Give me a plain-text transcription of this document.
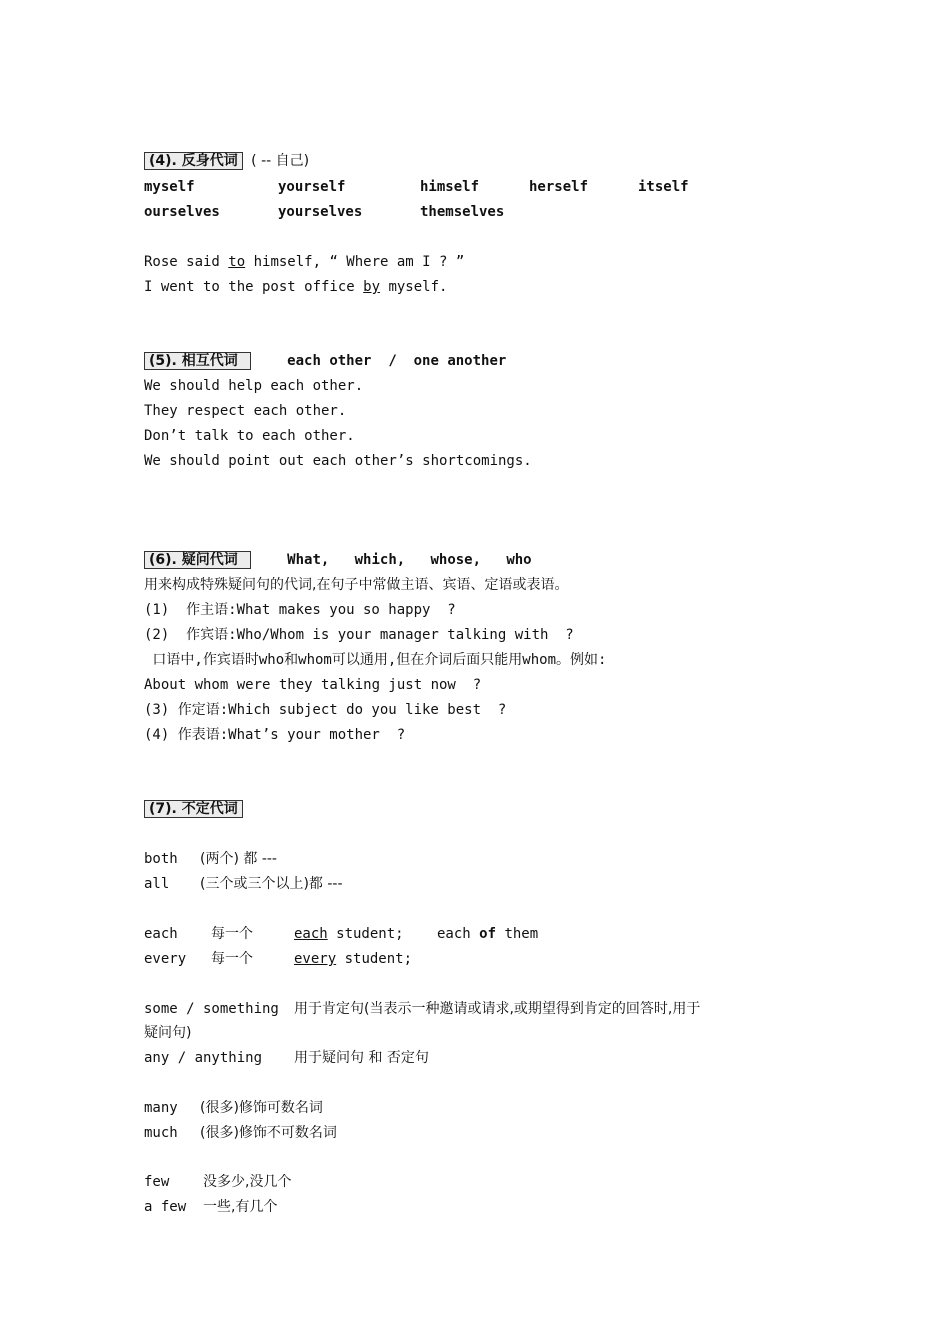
(4). 反身代词 ( -- 自己)
myself	yourself	himself	herself	itself
ourselves	yourselves	themselves
Rose said to himself, “ Where am I ? ”
I went to the post office by myself.
(5). 相互代词	each other  /  one another
We should help each other.
They respect each other.
Don’t talk to each other.
We should point out each other’s shortcomings.
(6). 疑问代词	What,   which,   whose,   who
用来构成特殊疑问句的代词,在句子中常做主语、宾语、定语或表语。
(1)  作主语:What makes you so happy  ?
(2)  作宾语:Who/Whom is your manager talking with  ?
口语中,作宾语时who和whom可以通用,但在介词后面只能用whom。例如:
About whom were they talking just now  ?
(3) 作定语:Which subject do you like best  ?
(4) 作表语:What’s your mother  ?
(7). 不定代词
both (两个) 都 ---
all (三个或三个以上)都 ---
each 每一个	each student; each of them
every 每一个	every student;
some / something 用于肯定句(当表示一种邀请或请求,或期望得到肯定的回答时,用于
疑问句)
any / anything 用于疑问句 和 否定句
many (很多)修饰可数名词
much (很多)修饰不可数名词
few 没多少,没几个
a few 一些,有几个
